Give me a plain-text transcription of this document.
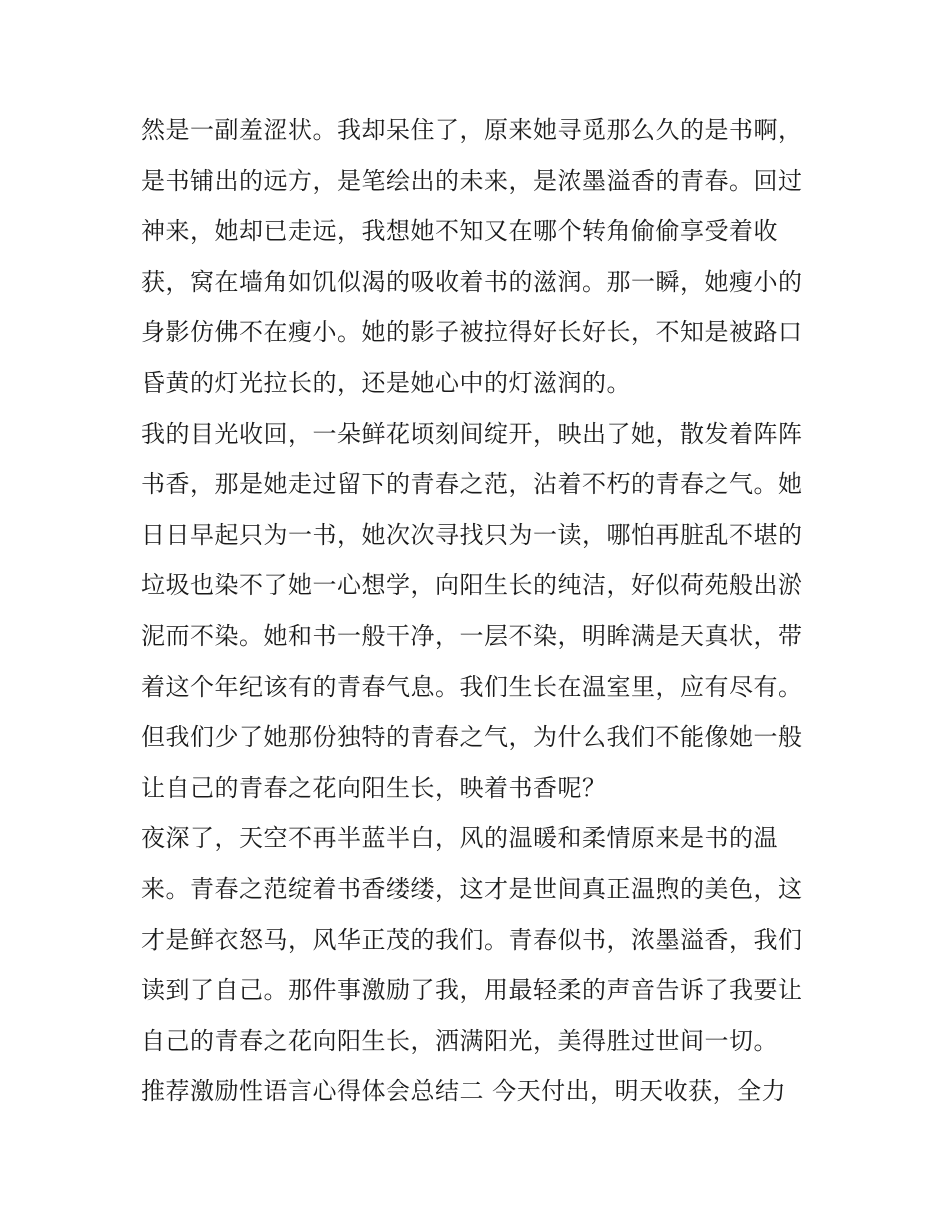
然是一副羞涩状。我却呆住了，原来她寻觅那么久的是书啊，
是书铺出的远方，是笔绘出的未来，是浓墨溢香的青春。回过
神来，她却已走远，我想她不知又在哪个转角偷偷享受着收
获，窝在墙角如饥似渴的吸收着书的滋润。那一瞬，她瘦小的
身影仿佛不在瘦小。她的影子被拉得好长好长，不知是被路口
昏黄的灯光拉长的，还是她心中的灯滋润的。
我的目光收回，一朵鲜花顷刻间绽开，映出了她，散发着阵阵
书香，那是她走过留下的青春之范，沾着不朽的青春之气。她
日日早起只为一书，她次次寻找只为一读，哪怕再脏乱不堪的
垃圾也染不了她一心想学，向阳生长的纯洁，好似荷苑般出淤
泥而不染。她和书一般干净，一层不染，明眸满是天真状，带
着这个年纪该有的青春气息。我们生长在温室里，应有尽有。
但我们少了她那份独特的青春之气，为什么我们不能像她一般
让自己的青春之花向阳生长，映着书香呢？
夜深了，天空不再半蓝半白，风的温暖和柔情原来是书的温
来。青春之范绽着书香缕缕，这才是世间真正温煦的美色，这
才是鲜衣怒马，风华正茂的我们。青春似书，浓墨溢香，我们
读到了自己。那件事激励了我，用最轻柔的声音告诉了我要让
自己的青春之花向阳生长，洒满阳光，美得胜过世间一切。
推荐激励性语言心得体会总结二 今天付出，明天收获，全力
